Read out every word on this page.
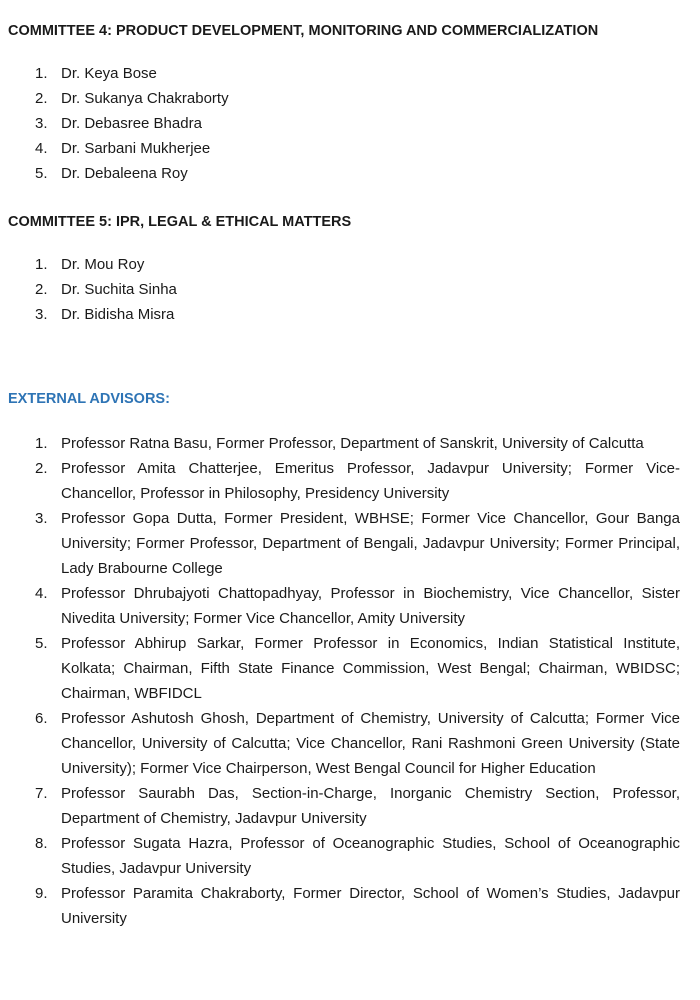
COMMITTEE 4: PRODUCT DEVELOPMENT, MONITORING AND COMMERCIALIZATION
1. Dr. Keya Bose
2. Dr. Sukanya Chakraborty
3. Dr. Debasree Bhadra
4. Dr. Sarbani Mukherjee
5. Dr. Debaleena Roy
COMMITTEE 5: IPR, LEGAL & ETHICAL MATTERS
1. Dr. Mou Roy
2. Dr. Suchita Sinha
3. Dr. Bidisha Misra
EXTERNAL ADVISORS:
1. Professor Ratna Basu, Former Professor, Department of Sanskrit, University of Calcutta
2. Professor Amita Chatterjee, Emeritus Professor, Jadavpur University; Former Vice-Chancellor, Professor in Philosophy, Presidency University
3. Professor Gopa Dutta, Former President, WBHSE; Former Vice Chancellor, Gour Banga University; Former Professor, Department of Bengali, Jadavpur University; Former Principal, Lady Brabourne College
4. Professor Dhrubajyoti Chattopadhyay, Professor in Biochemistry, Vice Chancellor, Sister Nivedita University; Former Vice Chancellor, Amity University
5. Professor Abhirup Sarkar, Former Professor in Economics, Indian Statistical Institute, Kolkata; Chairman, Fifth State Finance Commission, West Bengal; Chairman, WBIDSC; Chairman, WBFIDCL
6. Professor Ashutosh Ghosh, Department of Chemistry, University of Calcutta; Former Vice Chancellor, University of Calcutta; Vice Chancellor, Rani Rashmoni Green University (State University); Former Vice Chairperson, West Bengal Council for Higher Education
7. Professor Saurabh Das, Section-in-Charge, Inorganic Chemistry Section, Professor, Department of Chemistry, Jadavpur University
8. Professor Sugata Hazra, Professor of Oceanographic Studies, School of Oceanographic Studies, Jadavpur University
9. Professor Paramita Chakraborty, Former Director, School of Women’s Studies, Jadavpur University
